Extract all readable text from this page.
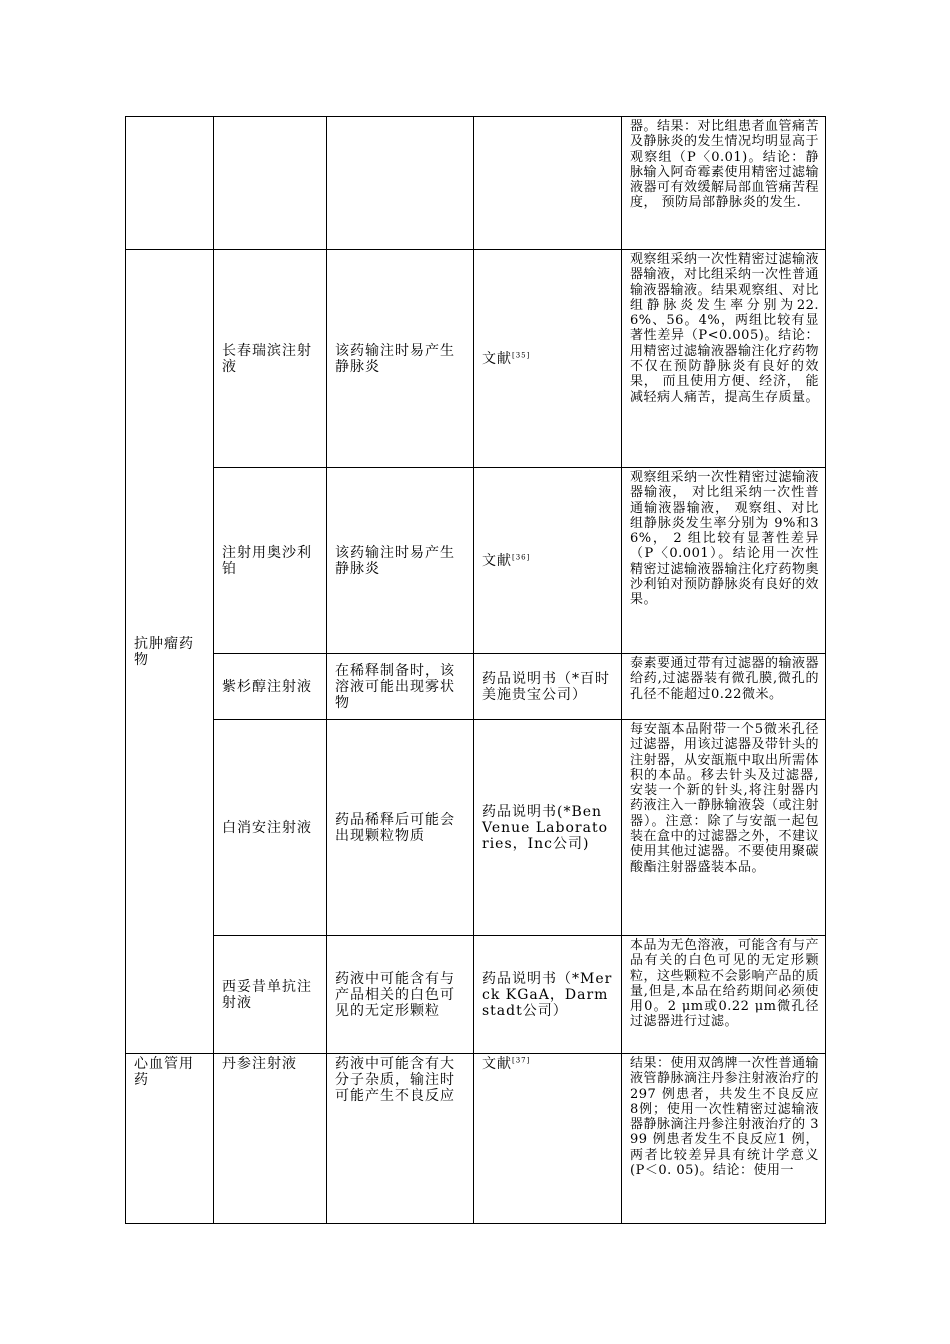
				器。结果：对比组患者血管痛苦及静脉炎的发生情况均明显高于观察组（P〈0.01)。结论：静脉输入阿奇霉素使用精密过滤输液器可有效缓解局部血管痛苦程度， 预防局部静脉炎的发生.
抗肿瘤药物	长春瑞滨注射液	该药输注时易产生静脉炎	文献[35]	观察组采纳一次性精密过滤输液器输液，对比组采纳一次性普通输液器输液。结果观察组、对比组静脉炎发生率分别为22.6%、56。4%，两组比较有显著性差异（P<0.005)。结论： 用精密过滤输液器输注化疗药物不仅在预防静脉炎有良好的效果， 而且使用方便、经济， 能减轻病人痛苦，提高生存质量。
	注射用奥沙利铂	该药输注时易产生静脉炎	文献[36]	观察组采纳一次性精密过滤输液器输液， 对比组采纳一次性普通输液器输液， 观察组、对比组静脉炎发生率分别为 9%和36%， 2 组比较有显著性差异（P〈0.001）。结论用一次性精密过滤输液器输注化疗药物奥沙利铂对预防静脉炎有良好的效果。
	紫杉醇注射液	在稀释制备时，该溶液可能出现雾状物	药品说明书（*百时美施贵宝公司）	泰素要通过带有过滤器的输液器给药,过滤器装有微孔膜,微孔的孔径不能超过0.22微米。
	白消安注射液	药品稀释后可能会出现颗粒物质	药品说明书(*Ben Venue Laboratories，Inc公司)	每安瓿本品附带一个5微米孔径过滤器，用该过滤器及带针头的注射器，从安瓿瓶中取出所需体积的本品。移去针头及过滤器,安装一个新的针头,将注射器内药液注入一静脉输液袋（或注射器）。注意：除了与安瓿一起包装在盒中的过滤器之外，不建议使用其他过滤器。不要使用聚碳酸酯注射器盛装本品。
	西妥昔单抗注射液	药液中可能含有与产品相关的白色可见的无定形颗粒	药品说明书（*Merck KGaA，Darmstadt公司）	本品为无色溶液，可能含有与产品有关的白色可见的无定形颗粒，这些颗粒不会影响产品的质量,但是,本品在给药期间必须使用0。2 μm或0.22 μm微孔径过滤器进行过滤。
心血管用药	丹参注射液	药液中可能含有大分子杂质，输注时可能产生不良反应	文献[37]	结果：使用双鸽牌一次性普通输液管静脉滴注丹参注射液治疗的 297 例患者，共发生不良反应 8例；使用一次性精密过滤输液器静脉滴注丹参注射液治疗的 399 例患者发生不良反应1 例，两者比较差异具有统计学意义(P＜0. 05)。结论：使用一
